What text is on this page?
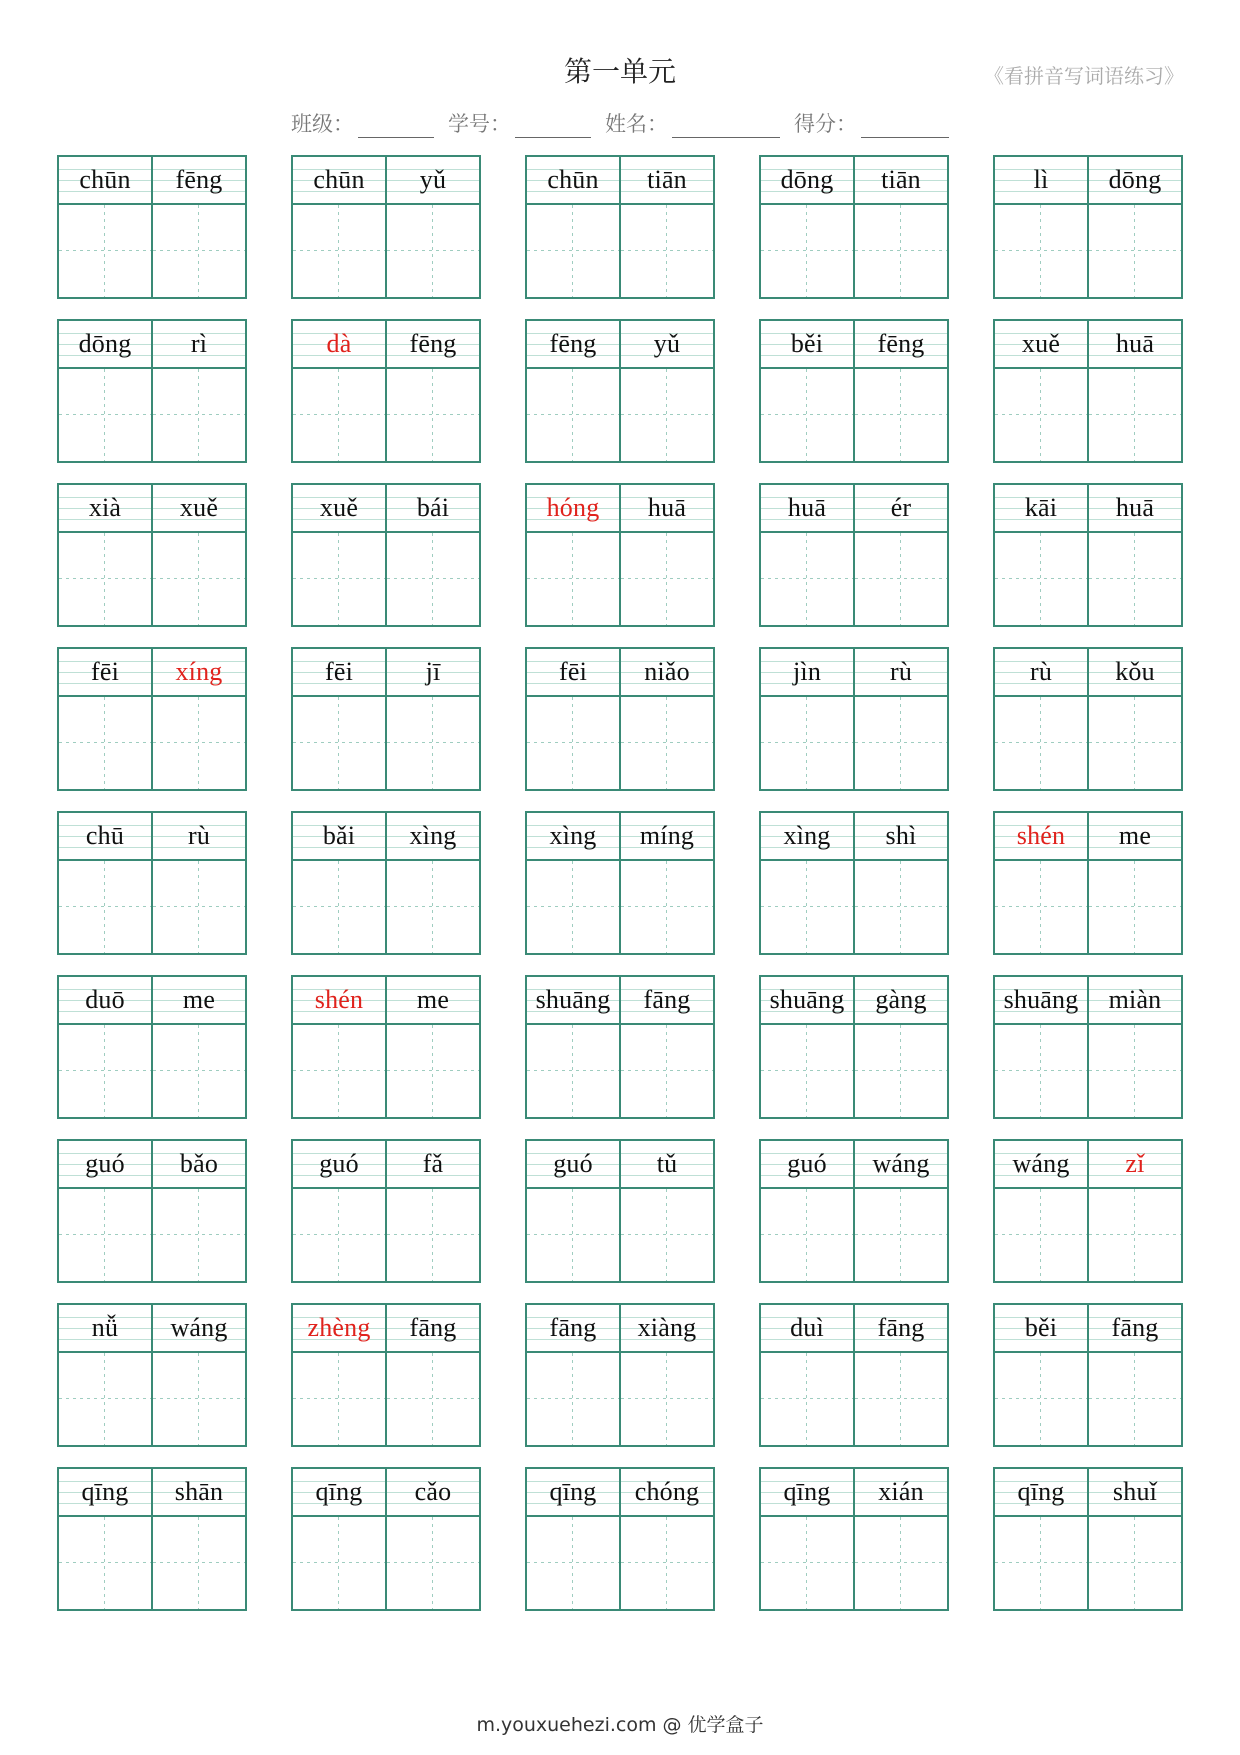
第一单元	《看拼音写词语练习》
班级：	学号：	姓名：	得分：
chūn	fēng	chūn	yǔ	chūn	tiān	dōng	tiān	lì	dōng
dōng	rì	dà	fēng	fēng	yǔ	běi	fēng	xuě	huā
xià	xuě	xuě	bái	hóng	huā	huā	ér	kāi	huā
fēi	xíng	fēi	jī	fēi	niǎo	jìn	rù	rù	kǒu
chū	rù	bǎi	xìng	xìng	míng	xìng	shì	shén	me
duō	me	shén	me	shuāng	fāng	shuāng	gàng	shuāng	miàn
guó	bǎo	guó	fǎ	guó	tǔ	guó	wáng	wáng	zǐ
nǚ	wáng	zhèng	fāng	fāng	xiàng	duì	fāng	běi	fāng
qīng	shān	qīng	cǎo	qīng	chóng	qīng	xián	qīng	shuǐ
m.youxuehezi.com @ 优学盒子
